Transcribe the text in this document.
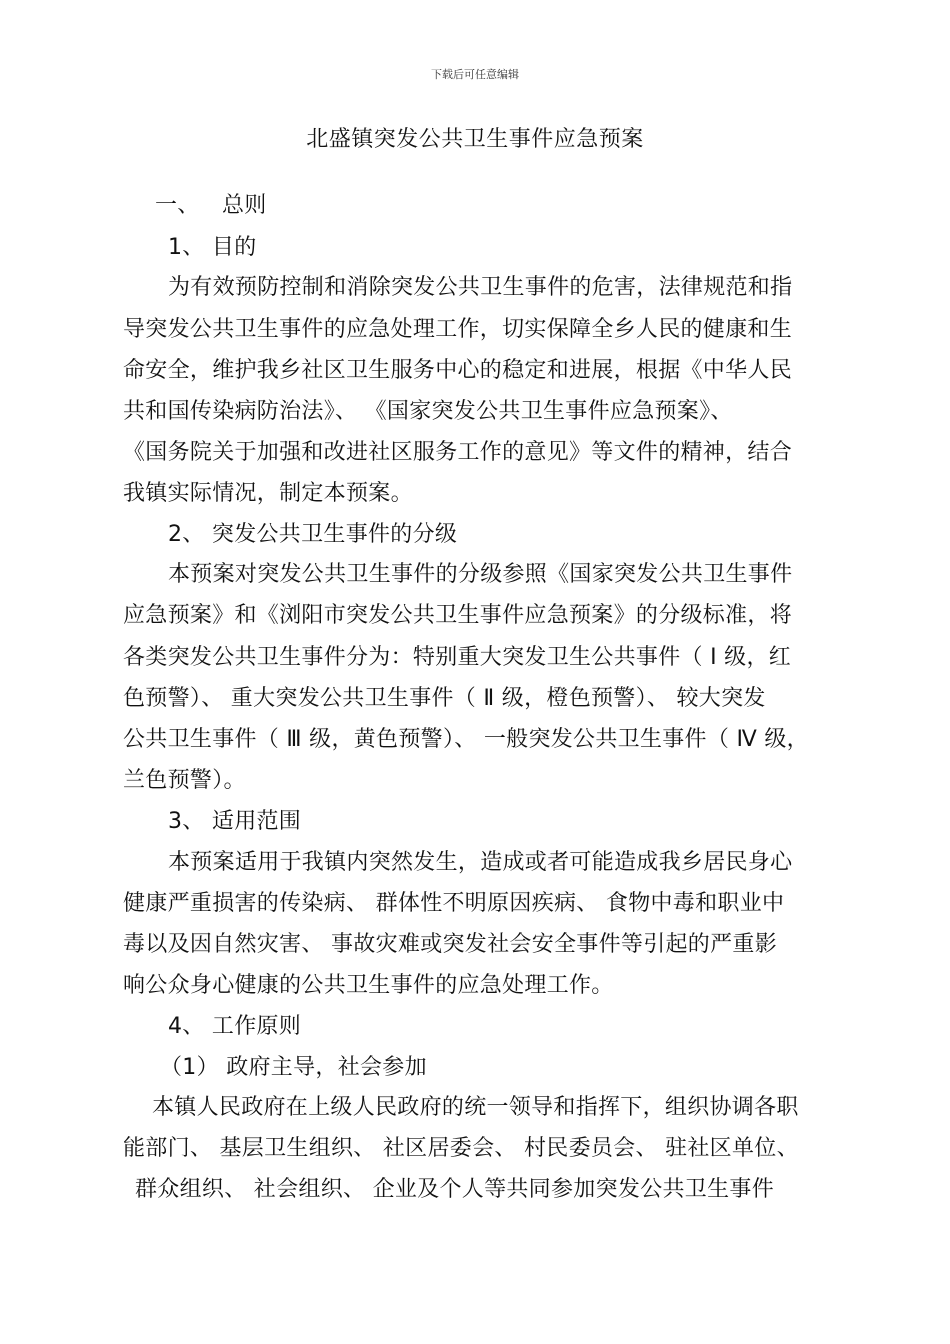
下载后可任意编辑
北盛镇突发公共卫生事件应急预案
一、 总则
1、 目的
为有效预防控制和消除突发公共卫生事件的危害，法律规范和指
导突发公共卫生事件的应急处理工作，切实保障全乡人民的健康和生
命安全，维护我乡社区卫生服务中心的稳定和进展，根据《中华人民
共和国传染病防治法》、 《国家突发公共卫生事件应急预案》、
《国务院关于加强和改进社区服务工作的意见》等文件的精神，结合
我镇实际情况，制定本预案。
2、 突发公共卫生事件的分级
本预案对突发公共卫生事件的分级参照《国家突发公共卫生事件
应急预案》和《浏阳市突发公共卫生事件应急预案》的分级标准，将
各类突发公共卫生事件分为：特别重大突发卫生公共事件（ Ⅰ 级，红
色预警）、 重大突发公共卫生事件（ Ⅱ 级，橙色预警）、 较大突发
公共卫生事件（ Ⅲ 级，黄色预警）、 一般突发公共卫生事件（ Ⅳ 级，
兰色预警）。
3、 适用范围
本预案适用于我镇内突然发生，造成或者可能造成我乡居民身心
健康严重损害的传染病、 群体性不明原因疾病、 食物中毒和职业中
毒以及因自然灾害、 事故灾难或突发社会安全事件等引起的严重影
响公众身心健康的公共卫生事件的应急处理工作。
4、 工作原则
（1） 政府主导，社会参加
本镇人民政府在上级人民政府的统一领导和指挥下，组织协调各职
能部门、 基层卫生组织、 社区居委会、 村民委员会、 驻社区单位、
群众组织、 社会组织、 企业及个人等共同参加突发公共卫生事件
